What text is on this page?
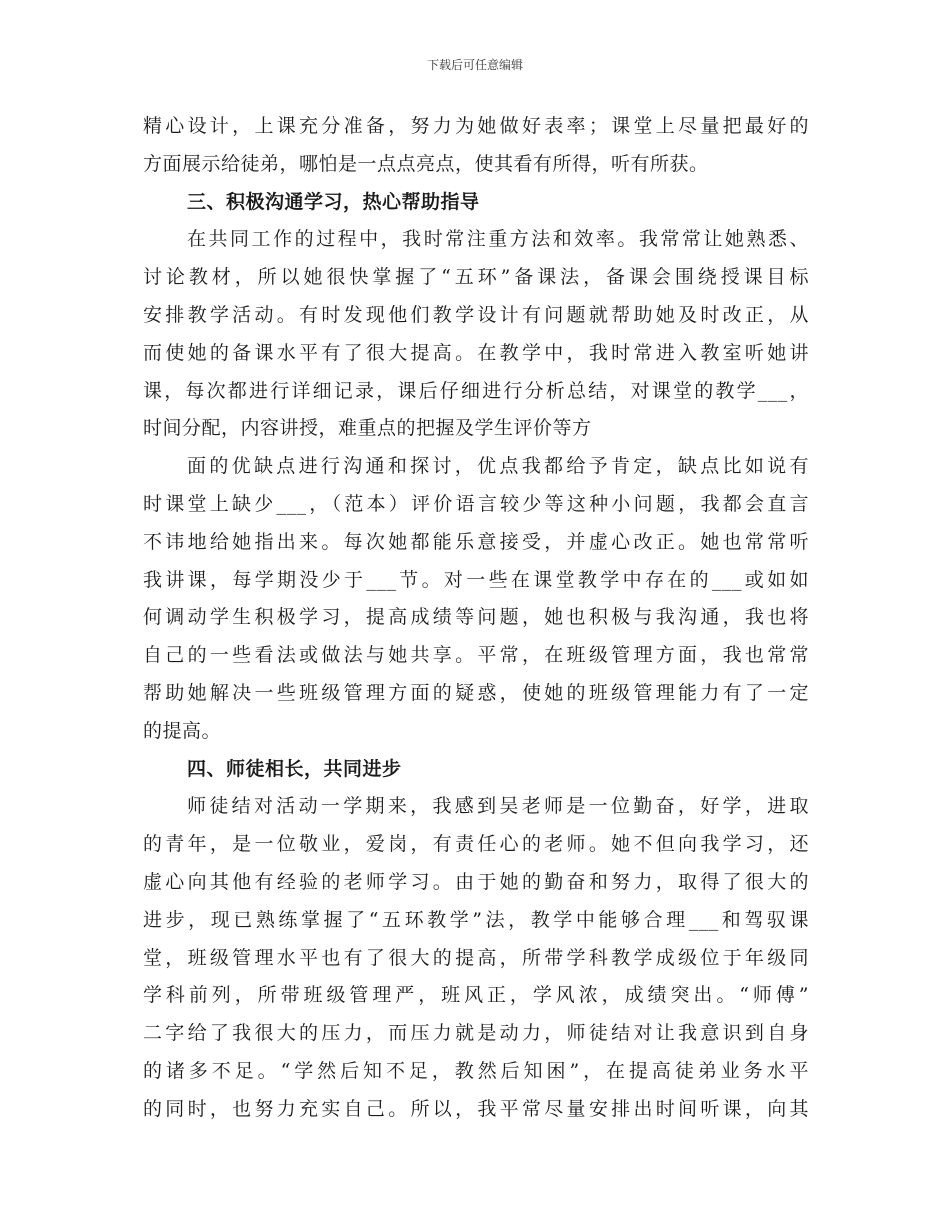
下载后可任意编辑
精心设计，上课充分准备，努力为她做好表率；课堂上尽量把最好的
方面展示给徒弟，哪怕是一点点亮点，使其看有所得，听有所获。
三、积极沟通学习，热心帮助指导
在共同工作的过程中，我时常注重方法和效率。我常常让她熟悉、
讨论教材，所以她很快掌握了“五环”备课法，备课会围绕授课目标
安排教学活动。有时发现他们教学设计有问题就帮助她及时改正，从
而使她的备课水平有了很大提高。在教学中，我时常进入教室听她讲
课，每次都进行详细记录，课后仔细进行分析总结，对课堂的教学___，
时间分配，内容讲授，难重点的把握及学生评价等方
面的优缺点进行沟通和探讨，优点我都给予肯定，缺点比如说有
时课堂上缺少___，（范本）评价语言较少等这种小问题，我都会直言
不讳地给她指出来。每次她都能乐意接受，并虚心改正。她也常常听
我讲课，每学期没少于___节。对一些在课堂教学中存在的___或如如
何调动学生积极学习，提高成绩等问题，她也积极与我沟通，我也将
自己的一些看法或做法与她共享。平常，在班级管理方面，我也常常
帮助她解决一些班级管理方面的疑惑，使她的班级管理能力有了一定
的提高。
四、师徒相长，共同进步
师徒结对活动一学期来，我感到吴老师是一位勤奋，好学，进取
的青年，是一位敬业，爱岗，有责任心的老师。她不但向我学习，还
虚心向其他有经验的老师学习。由于她的勤奋和努力，取得了很大的
进步，现已熟练掌握了“五环教学”法，教学中能够合理___和驾驭课
堂，班级管理水平也有了很大的提高，所带学科教学成级位于年级同
学科前列，所带班级管理严，班风正，学风浓，成绩突出。“师傅”
二字给了我很大的压力，而压力就是动力，师徒结对让我意识到自身
的诸多不足。“学然后知不足，教然后知困”，在提高徒弟业务水平
的同时，也努力充实自己。所以，我平常尽量安排出时间听课，向其
